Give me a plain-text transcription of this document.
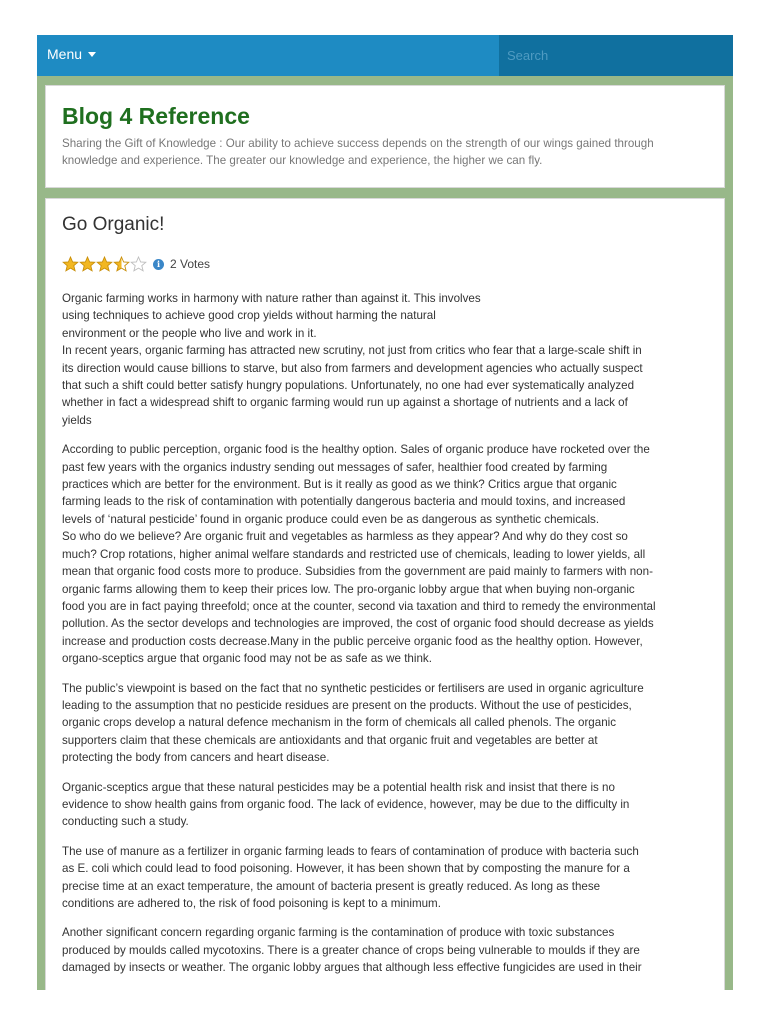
Menu
Search
Blog 4 Reference
Sharing the Gift of Knowledge : Our ability to achieve success depends on the strength of our wings gained through
knowledge and experience. The greater our knowledge and experience, the higher we can fly.
Go Organic!
i 2 Votes

Organic farming works in harmony with nature rather than against it. This involves
using techniques to achieve good crop yields without harming the natural
environment or the people who live and work in it.
In recent years, organic farming has attracted new scrutiny, not just from critics who fear that a large-scale shift in
its direction would cause billions to starve, but also from farmers and development agencies who actually suspect
that such a shift could better satisfy hungry populations. Unfortunately, no one had ever systematically analyzed
whether in fact a widespread shift to organic farming would run up against a shortage of nutrients and a lack of
yields

According to public perception, organic food is the healthy option. Sales of organic produce have rocketed over the
past few years with the organics industry sending out messages of safer, healthier food created by farming
practices which are better for the environment. But is it really as good as we think? Critics argue that organic
farming leads to the risk of contamination with potentially dangerous bacteria and mould toxins, and increased
levels of ‘natural pesticide’ found in organic produce could even be as dangerous as synthetic chemicals.
So who do we believe? Are organic fruit and vegetables as harmless as they appear? And why do they cost so
much? Crop rotations, higher animal welfare standards and restricted use of chemicals, leading to lower yields, all
mean that organic food costs more to produce. Subsidies from the government are paid mainly to farmers with non-
organic farms allowing them to keep their prices low. The pro-organic lobby argue that when buying non-organic
food you are in fact paying threefold; once at the counter, second via taxation and third to remedy the environmental
pollution. As the sector develops and technologies are improved, the cost of organic food should decrease as yields
increase and production costs decrease.Many in the public perceive organic food as the healthy option. However,
organo-sceptics argue that organic food may not be as safe as we think.

The public’s viewpoint is based on the fact that no synthetic pesticides or fertilisers are used in organic agriculture
leading to the assumption that no pesticide residues are present on the products. Without the use of pesticides,
organic crops develop a natural defence mechanism in the form of chemicals all called phenols. The organic
supporters claim that these chemicals are antioxidants and that organic fruit and vegetables are better at
protecting the body from cancers and heart disease.

Organic-sceptics argue that these natural pesticides may be a potential health risk and insist that there is no
evidence to show health gains from organic food. The lack of evidence, however, may be due to the difficulty in
conducting such a study.

The use of manure as a fertilizer in organic farming leads to fears of contamination of produce with bacteria such
as E. coli which could lead to food poisoning. However, it has been shown that by composting the manure for a
precise time at an exact temperature, the amount of bacteria present is greatly reduced. As long as these
conditions are adhered to, the risk of food poisoning is kept to a minimum.

Another significant concern regarding organic farming is the contamination of produce with toxic substances
produced by moulds called mycotoxins. There is a greater chance of crops being vulnerable to moulds if they are
damaged by insects or weather. The organic lobby argues that although less effective fungicides are used in their
